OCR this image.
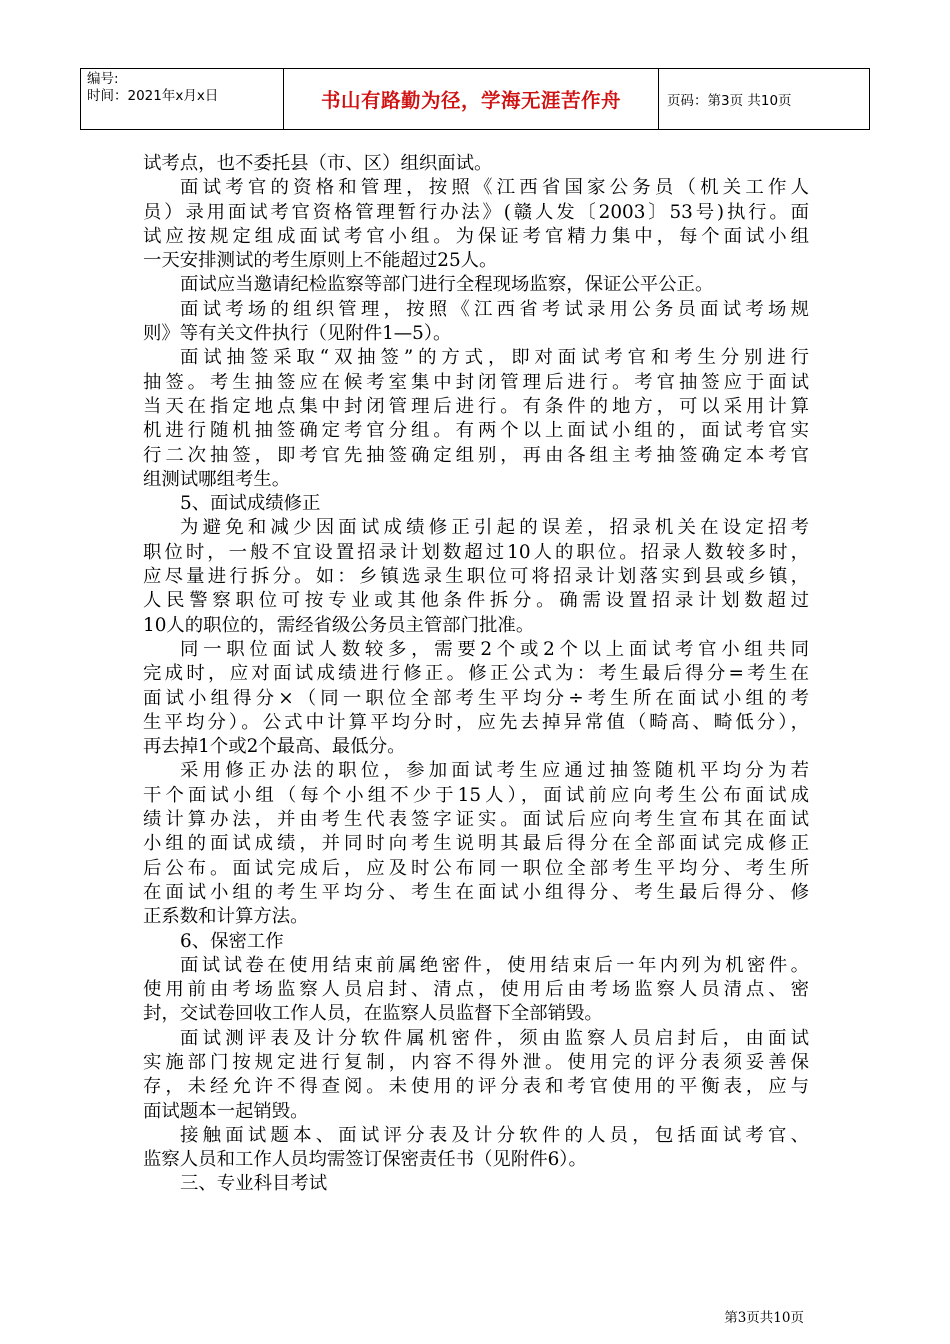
编号:
时间：2021年x月x日	书山有路勤为径，学海无涯苦作舟	页码：第3页 共10页

试考点，也不委托县（市、区）组织面试。

面试考官的资格和管理，按照《江西省国家公务员（机关工作人

员）录用面试考官资格管理暂行办法》(赣人发〔2003〕53号)执行。面

试应按规定组成面试考官小组。为保证考官精力集中，每个面试小组

一天安排测试的考生原则上不能超过25人。

面试应当邀请纪检监察等部门进行全程现场监察，保证公平公正。

面试考场的组织管理，按照《江西省考试录用公务员面试考场规

则》等有关文件执行（见附件1—5）。

面试抽签采取“双抽签”的方式，即对面试考官和考生分别进行

抽签。考生抽签应在候考室集中封闭管理后进行。考官抽签应于面试

当天在指定地点集中封闭管理后进行。有条件的地方，可以采用计算

机进行随机抽签确定考官分组。有两个以上面试小组的，面试考官实

行二次抽签，即考官先抽签确定组别，再由各组主考抽签确定本考官

组测试哪组考生。

5、面试成绩修正

为避免和减少因面试成绩修正引起的误差，招录机关在设定招考

职位时，一般不宜设置招录计划数超过10人的职位。招录人数较多时，

应尽量进行拆分。如：乡镇选录生职位可将招录计划落实到县或乡镇，

人民警察职位可按专业或其他条件拆分。确需设置招录计划数超过

10人的职位的，需经省级公务员主管部门批准。

同一职位面试人数较多，需要2个或2个以上面试考官小组共同

完成时，应对面试成绩进行修正。修正公式为：考生最后得分=考生在

面试小组得分×（同一职位全部考生平均分÷考生所在面试小组的考

生平均分）。公式中计算平均分时，应先去掉异常值（畸高、畸低分），

再去掉1个或2个最高、最低分。

采用修正办法的职位，参加面试考生应通过抽签随机平均分为若

干个面试小组（每个小组不少于15人），面试前应向考生公布面试成

绩计算办法，并由考生代表签字证实。面试后应向考生宣布其在面试

小组的面试成绩，并同时向考生说明其最后得分在全部面试完成修正

后公布。面试完成后，应及时公布同一职位全部考生平均分、考生所

在面试小组的考生平均分、考生在面试小组得分、考生最后得分、修

正系数和计算方法。

6、保密工作

面试试卷在使用结束前属绝密件，使用结束后一年内列为机密件。

使用前由考场监察人员启封、清点，使用后由考场监察人员清点、密

封，交试卷回收工作人员，在监察人员监督下全部销毁。

面试测评表及计分软件属机密件，须由监察人员启封后，由面试

实施部门按规定进行复制，内容不得外泄。使用完的评分表须妥善保

存，未经允许不得查阅。未使用的评分表和考官使用的平衡表，应与

面试题本一起销毁。

接触面试题本、面试评分表及计分软件的人员，包括面试考官、

监察人员和工作人员均需签订保密责任书（见附件6）。

三、专业科目考试

第3页共10页
